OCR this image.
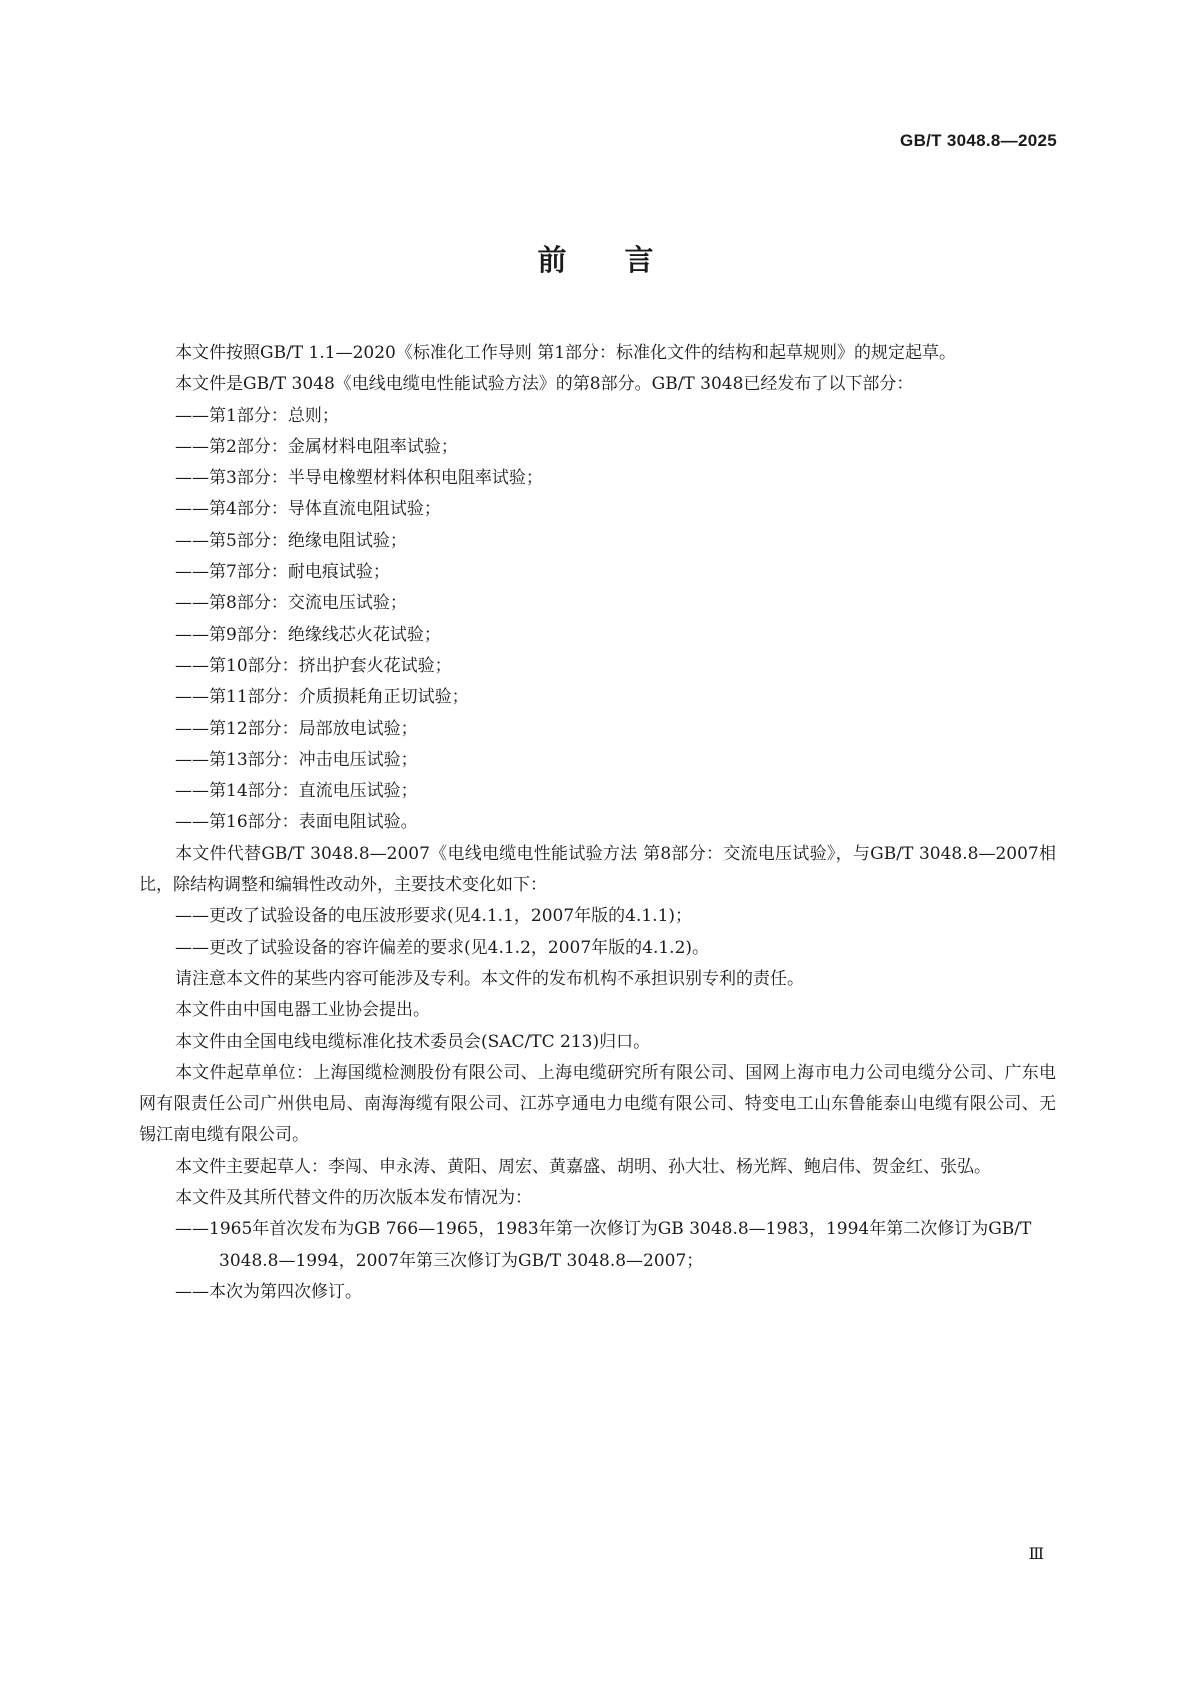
GB/T 3048.8—2025
前言

本文件按照GB/T 1.1—2020《标准化工作导则 第1部分：标准化文件的结构和起草规则》的规定起草。

本文件是GB/T 3048《电线电缆电性能试验方法》的第8部分。GB/T 3048已经发布了以下部分：

——第1部分：总则；

——第2部分：金属材料电阻率试验；

——第3部分：半导电橡塑材料体积电阻率试验；

——第4部分：导体直流电阻试验；

——第5部分：绝缘电阻试验；

——第7部分：耐电痕试验；

——第8部分：交流电压试验；

——第9部分：绝缘线芯火花试验；

——第10部分：挤出护套火花试验；

——第11部分：介质损耗角正切试验；

——第12部分：局部放电试验；

——第13部分：冲击电压试验；

——第14部分：直流电压试验；

——第16部分：表面电阻试验。

本文件代替GB/T 3048.8—2007《电线电缆电性能试验方法 第8部分：交流电压试验》，与GB/T 3048.8—2007相比，除结构调整和编辑性改动外，主要技术变化如下：

——更改了试验设备的电压波形要求(见4.1.1，2007年版的4.1.1)；

——更改了试验设备的容许偏差的要求(见4.1.2，2007年版的4.1.2)。

请注意本文件的某些内容可能涉及专利。本文件的发布机构不承担识别专利的责任。

本文件由中国电器工业协会提出。

本文件由全国电线电缆标准化技术委员会(SAC/TC 213)归口。

本文件起草单位：上海国缆检测股份有限公司、上海电缆研究所有限公司、国网上海市电力公司电缆分公司、广东电网有限责任公司广州供电局、南海海缆有限公司、江苏亨通电力电缆有限公司、特变电工山东鲁能泰山电缆有限公司、无锡江南电缆有限公司。

本文件主要起草人：李闯、申永涛、黄阳、周宏、黄嘉盛、胡明、孙大壮、杨光辉、鲍启伟、贺金红、张弘。

本文件及其所代替文件的历次版本发布情况为：

——1965年首次发布为GB 766—1965，1983年第一次修订为GB 3048.8—1983，1994年第二次修订为GB/T 3048.8—1994，2007年第三次修订为GB/T 3048.8—2007；

——本次为第四次修订。

Ⅲ
